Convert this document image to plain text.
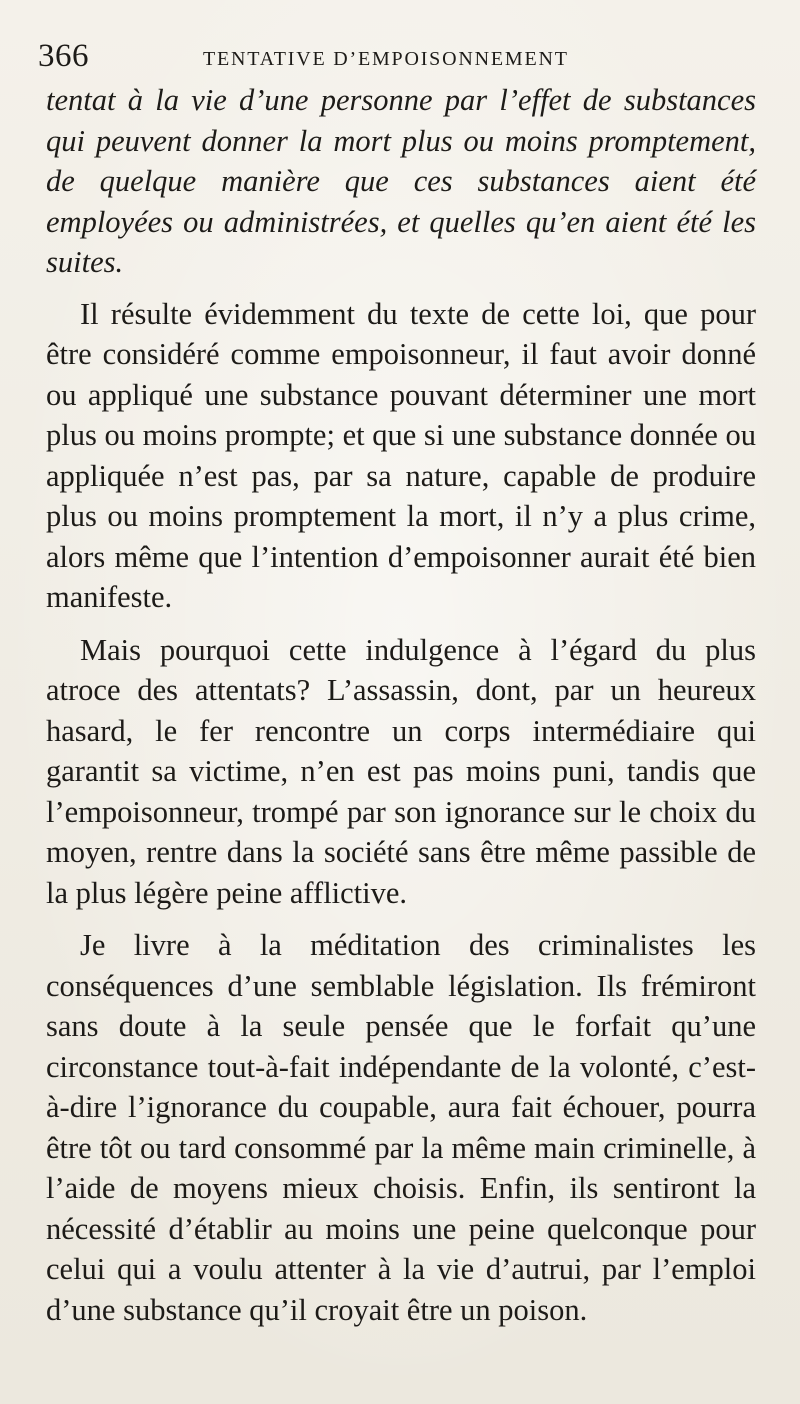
366	TENTATIVE D’EMPOISONNEMENT

tentat à la vie d’une personne par l’effet de substances qui peuvent donner la mort plus ou moins promptement, de quelque manière que ces substances aient été employées ou administrées, et quelles qu’en aient été les suites.

Il résulte évidemment du texte de cette loi, que pour être considéré comme empoisonneur, il faut avoir donné ou appliqué une substance pouvant déterminer une mort plus ou moins prompte; et que si une substance donnée ou appliquée n’est pas, par sa nature, capable de produire plus ou moins promptement la mort, il n’y a plus crime, alors même que l’intention d’empoisonner aurait été bien manifeste.

Mais pourquoi cette indulgence à l’égard du plus atroce des attentats? L’assassin, dont, par un heureux hasard, le fer rencontre un corps intermédiaire qui garantit sa victime, n’en est pas moins puni, tandis que l’empoisonneur, trompé par son ignorance sur le choix du moyen, rentre dans la société sans être même passible de la plus légère peine afflictive.

Je livre à la méditation des criminalistes les conséquences d’une semblable législation. Ils frémiront sans doute à la seule pensée que le forfait qu’une circonstance tout-à-fait indépendante de la volonté, c’est-à-dire l’ignorance du coupable, aura fait échouer, pourra être tôt ou tard consommé par la même main criminelle, à l’aide de moyens mieux choisis. Enfin, ils sentiront la nécessité d’établir au moins une peine quelconque pour celui qui a voulu attenter à la vie d’autrui, par l’emploi d’une substance qu’il croyait être un poison.
